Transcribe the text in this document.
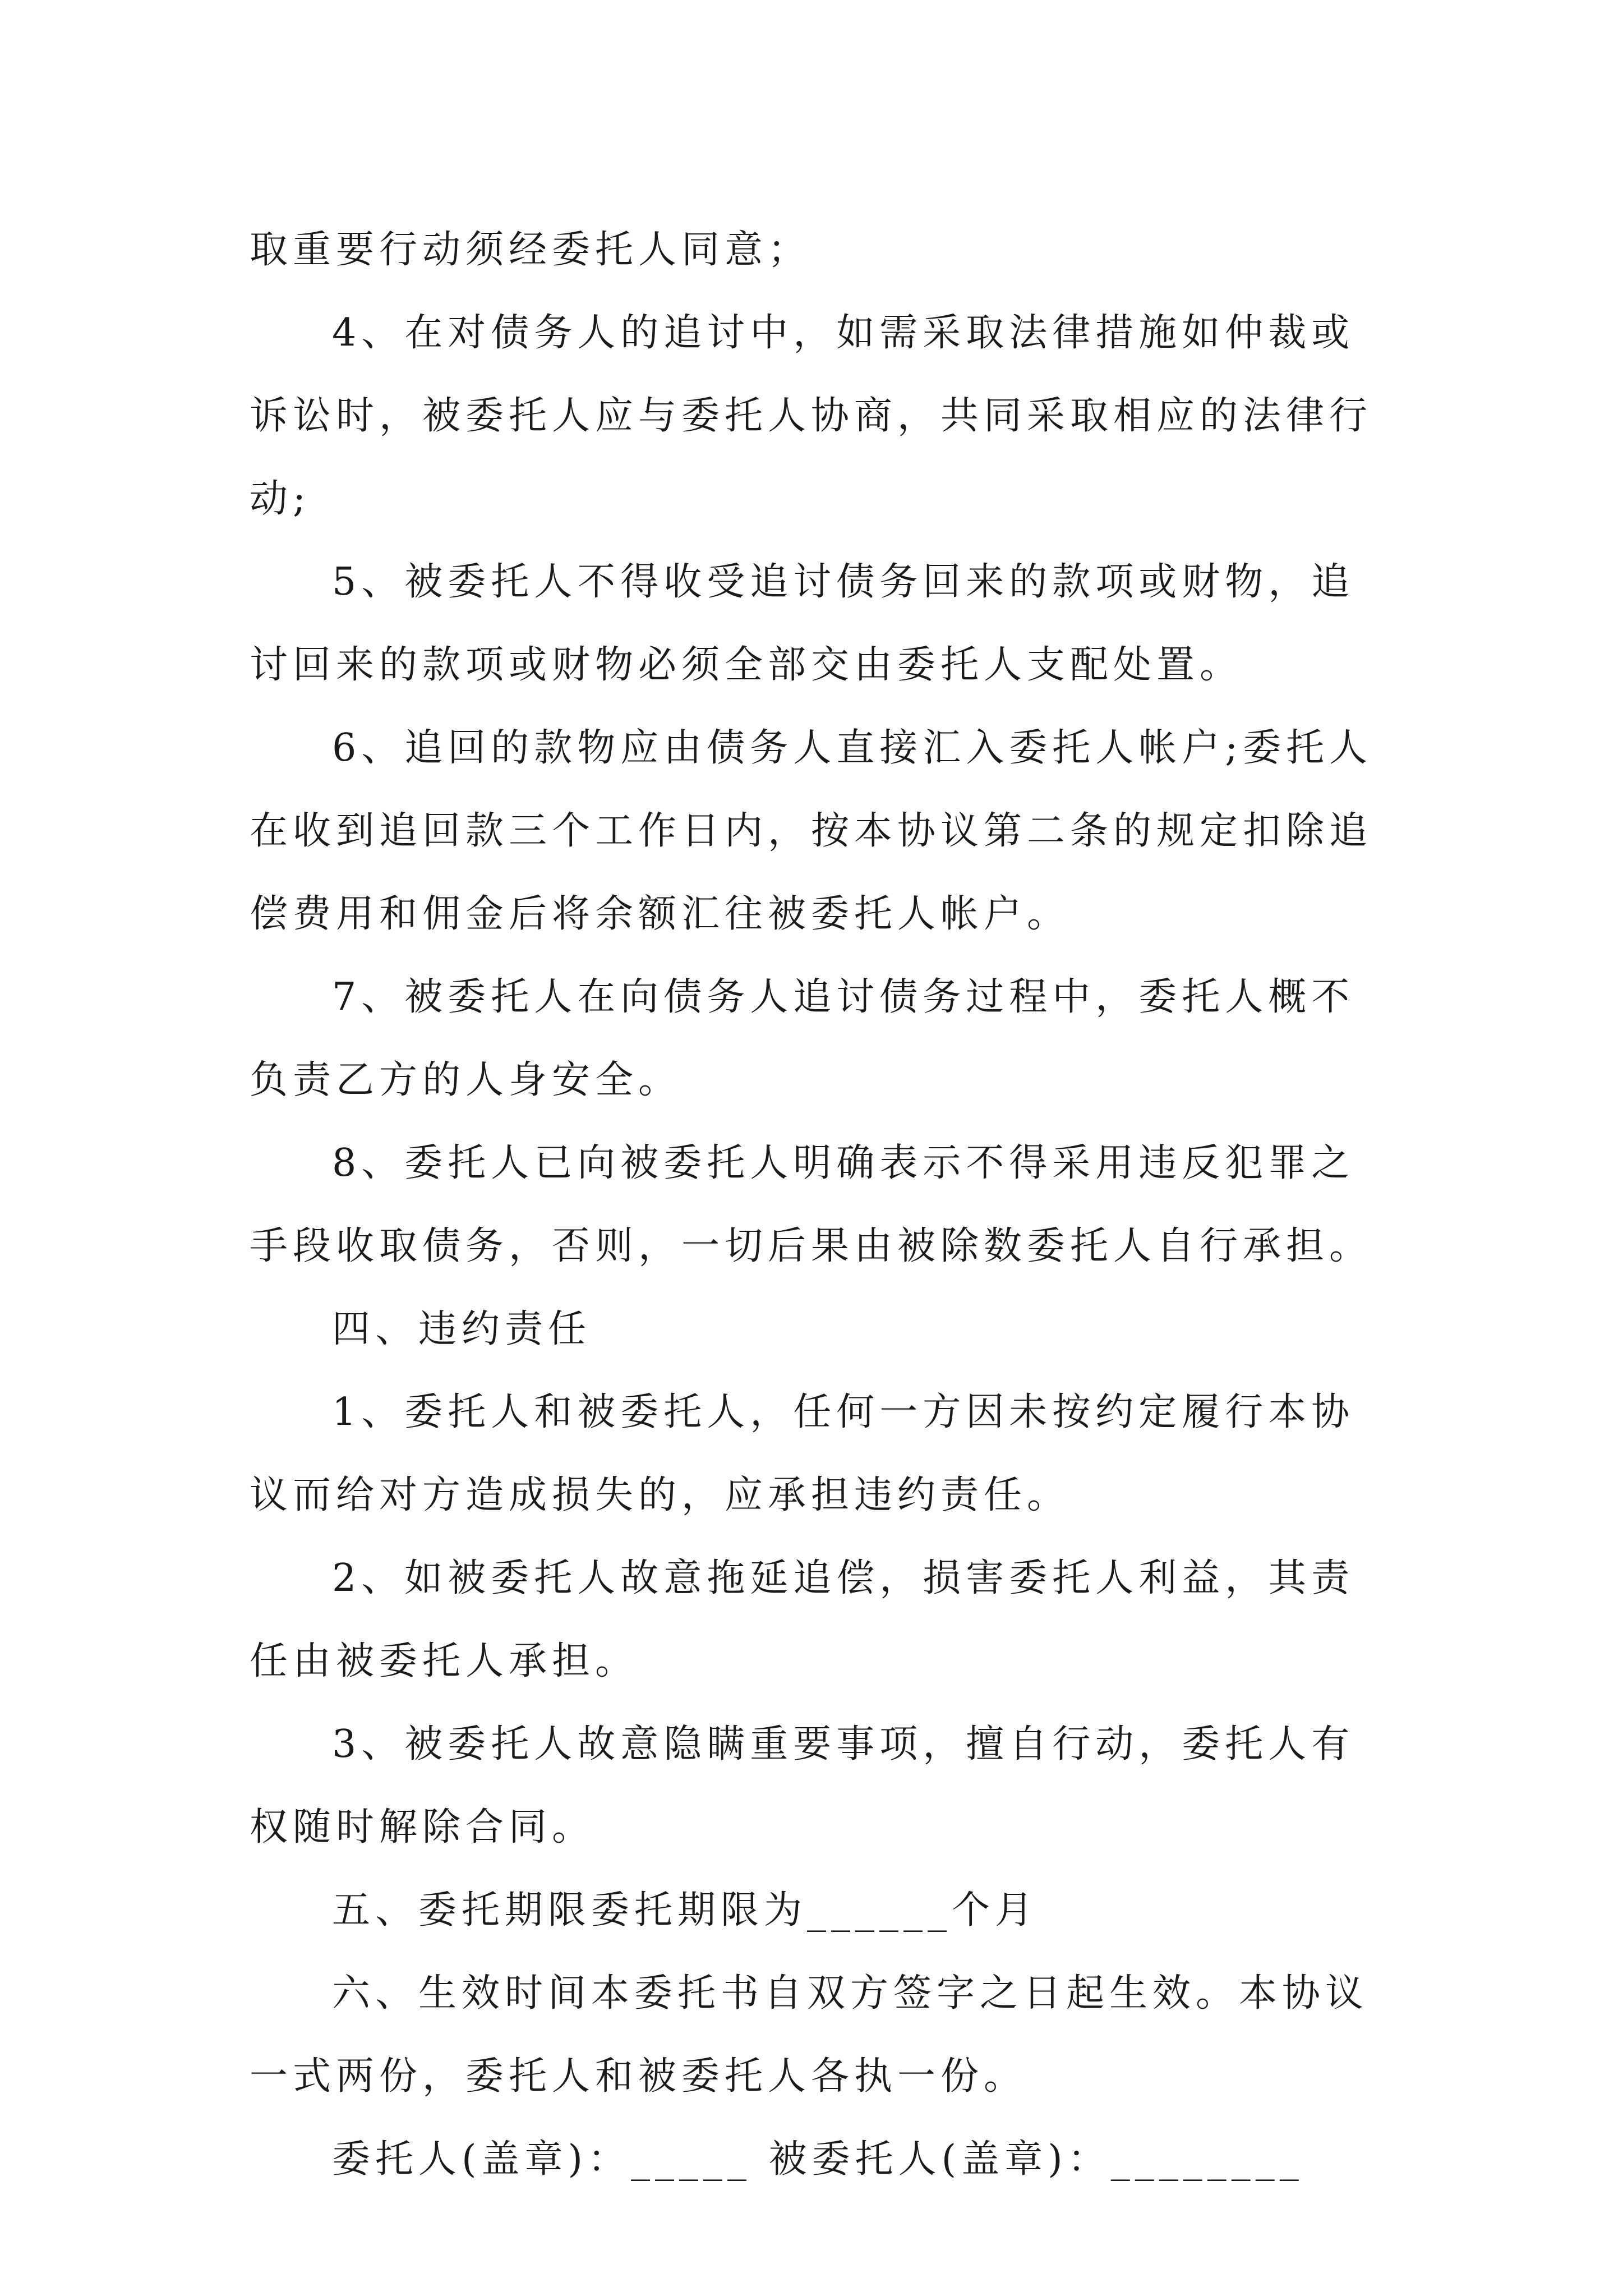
取重要行动须经委托人同意；

4、在对债务人的追讨中，如需采取法律措施如仲裁或诉讼时，被委托人应与委托人协商，共同采取相应的法律行动;

5、被委托人不得收受追讨债务回来的款项或财物，追讨回来的款项或财物必须全部交由委托人支配处置。

6、追回的款物应由债务人直接汇入委托人帐户;委托人在收到追回款三个工作日内，按本协议第二条的规定扣除追偿费用和佣金后将余额汇往被委托人帐户。

7、被委托人在向债务人追讨债务过程中，委托人概不负责乙方的人身安全。

8、委托人已向被委托人明确表示不得采用违反犯罪之手段收取债务，否则，一切后果由被除数委托人自行承担。

四、违约责任

1、委托人和被委托人，任何一方因未按约定履行本协议而给对方造成损失的，应承担违约责任。

2、如被委托人故意拖延追偿，损害委托人利益，其责任由被委托人承担。

3、被委托人故意隐瞒重要事项，擅自行动，委托人有权随时解除合同。

五、委托期限委托期限为______个月

六、生效时间本委托书自双方签字之日起生效。本协议一式两份，委托人和被委托人各执一份。

委托人(盖章)：_____ 被委托人(盖章)：________
